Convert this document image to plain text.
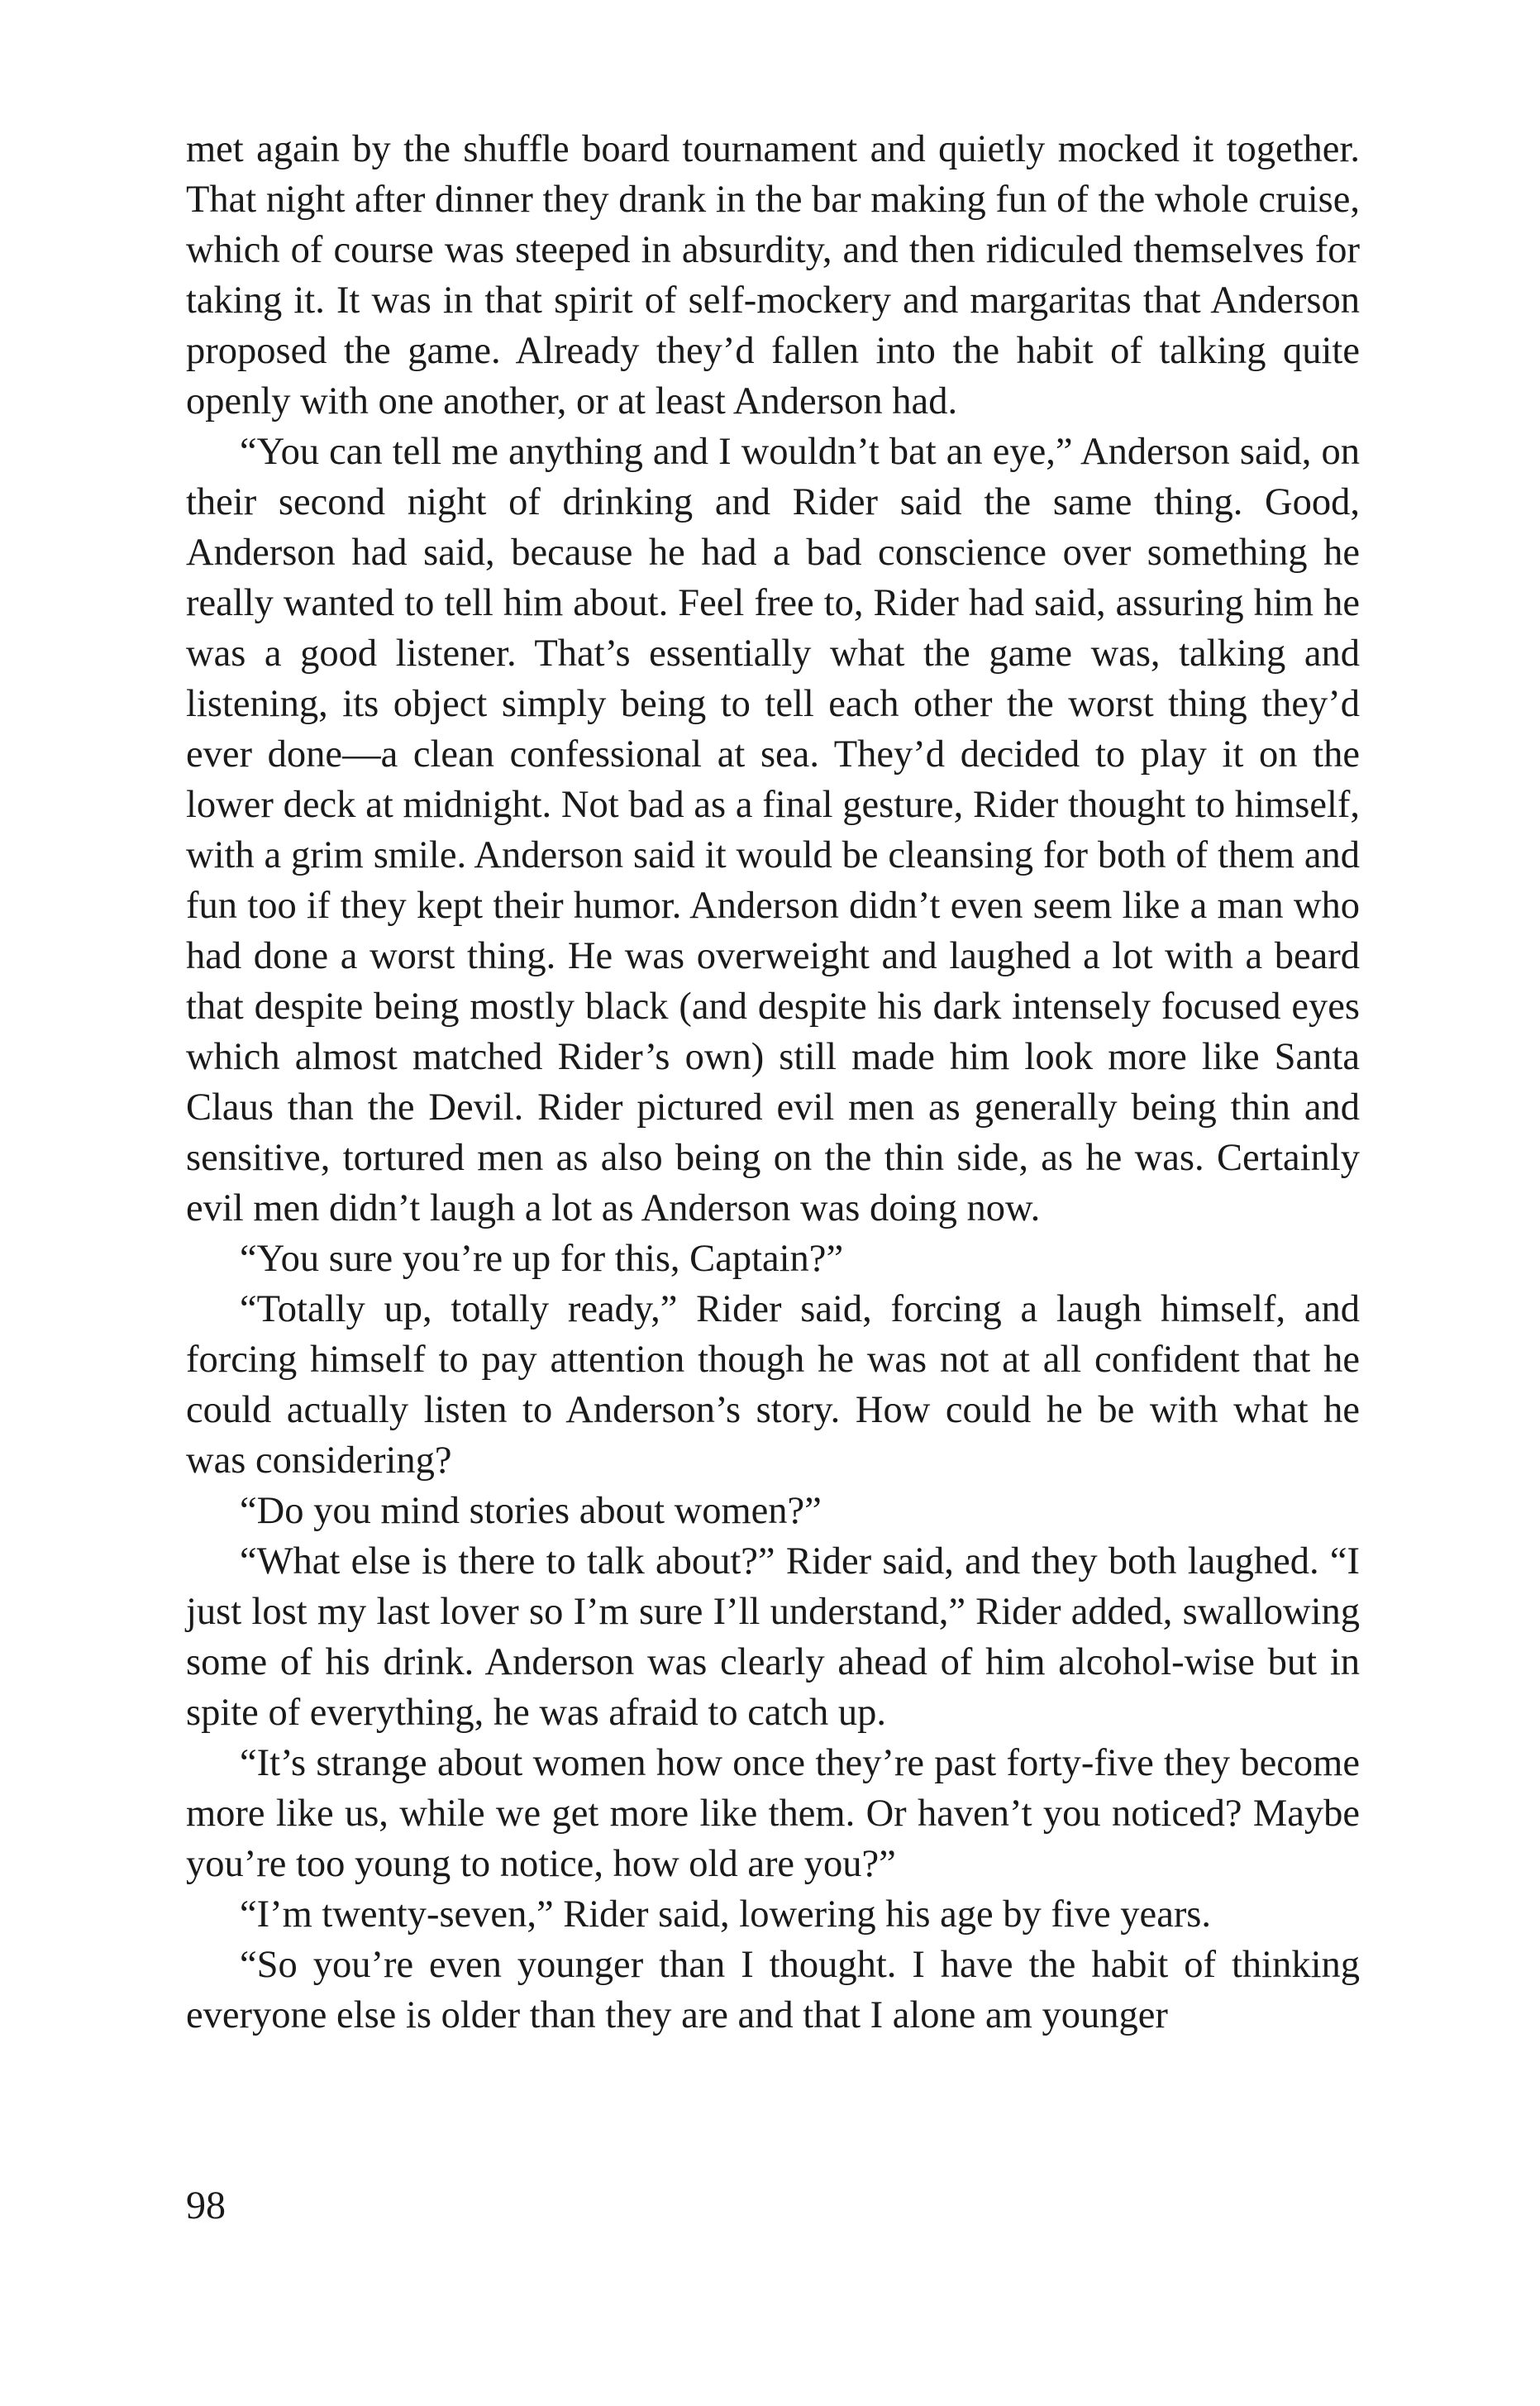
met again by the shuffle board tournament and quietly mocked it together. That night after dinner they drank in the bar making fun of the whole cruise, which of course was steeped in absurdity, and then ridiculed themselves for taking it. It was in that spirit of self-mockery and margaritas that Anderson proposed the game. Already they’d fallen into the habit of talking quite openly with one another, or at least Anderson had.

“You can tell me anything and I wouldn’t bat an eye,” Anderson said, on their second night of drinking and Rider said the same thing. Good, Anderson had said, because he had a bad conscience over something he really wanted to tell him about. Feel free to, Rider had said, assuring him he was a good listener. That’s essentially what the game was, talking and listening, its object simply being to tell each other the worst thing they’d ever done—a clean confessional at sea. They’d decided to play it on the lower deck at midnight. Not bad as a final gesture, Rider thought to himself, with a grim smile. Anderson said it would be cleansing for both of them and fun too if they kept their humor. Anderson didn’t even seem like a man who had done a worst thing. He was overweight and laughed a lot with a beard that despite being mostly black (and despite his dark intensely focused eyes which almost matched Rider’s own) still made him look more like Santa Claus than the Devil. Rider pictured evil men as generally being thin and sensitive, tortured men as also being on the thin side, as he was. Certainly evil men didn’t laugh a lot as Anderson was doing now.

“You sure you’re up for this, Captain?”

“Totally up, totally ready,” Rider said, forcing a laugh himself, and forcing himself to pay attention though he was not at all confident that he could actually listen to Anderson’s story. How could he be with what he was considering?

“Do you mind stories about women?”

“What else is there to talk about?” Rider said, and they both laughed. “I just lost my last lover so I’m sure I’ll understand,” Rider added, swallowing some of his drink. Anderson was clearly ahead of him alcohol-wise but in spite of everything, he was afraid to catch up.

“It’s strange about women how once they’re past forty-five they become more like us, while we get more like them. Or haven’t you noticed? Maybe you’re too young to notice, how old are you?”

“I’m twenty-seven,” Rider said, lowering his age by five years.

“So you’re even younger than I thought. I have the habit of thinking everyone else is older than they are and that I alone am younger

98
